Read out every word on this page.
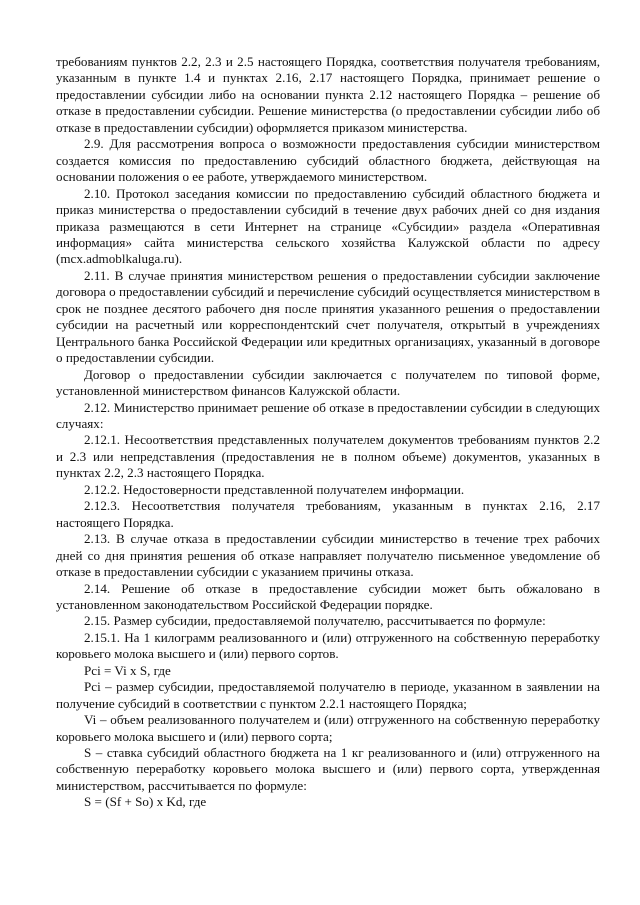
требованиям пунктов 2.2, 2.3 и 2.5 настоящего Порядка, соответствия получателя требованиям, указанным в пункте 1.4 и пунктах 2.16, 2.17 настоящего Порядка, принимает решение о предоставлении субсидии либо на основании пункта 2.12 настоящего Порядка – решение об отказе в предоставлении субсидии. Решение министерства (о предоставлении субсидии либо об отказе в предоставлении субсидии) оформляется приказом министерства.

2.9. Для рассмотрения вопроса о возможности предоставления субсидии министерством создается комиссия по предоставлению субсидий областного бюджета, действующая на основании положения о ее работе, утверждаемого министерством.

2.10. Протокол заседания комиссии по предоставлению субсидий областного бюджета и приказ министерства о предоставлении субсидий в течение двух рабочих дней со дня издания приказа размещаются в сети Интернет на странице «Субсидии» раздела «Оперативная информация» сайта министерства сельского хозяйства Калужской области по адресу (mcx.admoblkaluga.ru).

2.11. В случае принятия министерством решения о предоставлении субсидии заключение договора о предоставлении субсидий и перечисление субсидий осуществляется министерством в срок не позднее десятого рабочего дня после принятия указанного решения о предоставлении субсидии на расчетный или корреспондентский счет получателя, открытый в учреждениях Центрального банка Российской Федерации или кредитных организациях, указанный в договоре о предоставлении субсидии.

Договор о предоставлении субсидии заключается с получателем по типовой форме, установленной министерством финансов Калужской области.

2.12. Министерство принимает решение об отказе в предоставлении субсидии в следующих случаях:

2.12.1. Несоответствия представленных получателем документов требованиям пунктов 2.2 и 2.3 или непредставления (предоставления не в полном объеме) документов, указанных в пунктах 2.2, 2.3 настоящего Порядка.

2.12.2. Недостоверности представленной получателем информации.

2.12.3. Несоответствия получателя требованиям, указанным в пунктах 2.16, 2.17 настоящего Порядка.

2.13. В случае отказа в предоставлении субсидии министерство в течение трех рабочих дней со дня принятия решения об отказе направляет получателю письменное уведомление об отказе в предоставлении субсидии с указанием причины отказа.

2.14. Решение об отказе в предоставление субсидии может быть обжаловано в установленном законодательством Российской Федерации порядке.

2.15. Размер субсидии, предоставляемой получателю, рассчитывается по формуле:

2.15.1. На 1 килограмм реализованного и (или) отгруженного на собственную переработку коровьего молока высшего и (или) первого сортов.

Pci = Vi x S, где

Pci – размер субсидии, предоставляемой получателю в периоде, указанном в заявлении на получение субсидий в соответствии с пунктом 2.2.1 настоящего Порядка;

Vi – объем реализованного получателем и (или) отгруженного на собственную переработку коровьего молока высшего и (или) первого сорта;

S – ставка субсидий областного бюджета на 1 кг реализованного и (или) отгруженного на собственную переработку коровьего молока высшего и (или) первого сорта, утвержденная министерством, рассчитывается по формуле:

S = (Sf + So) x Kd, где
